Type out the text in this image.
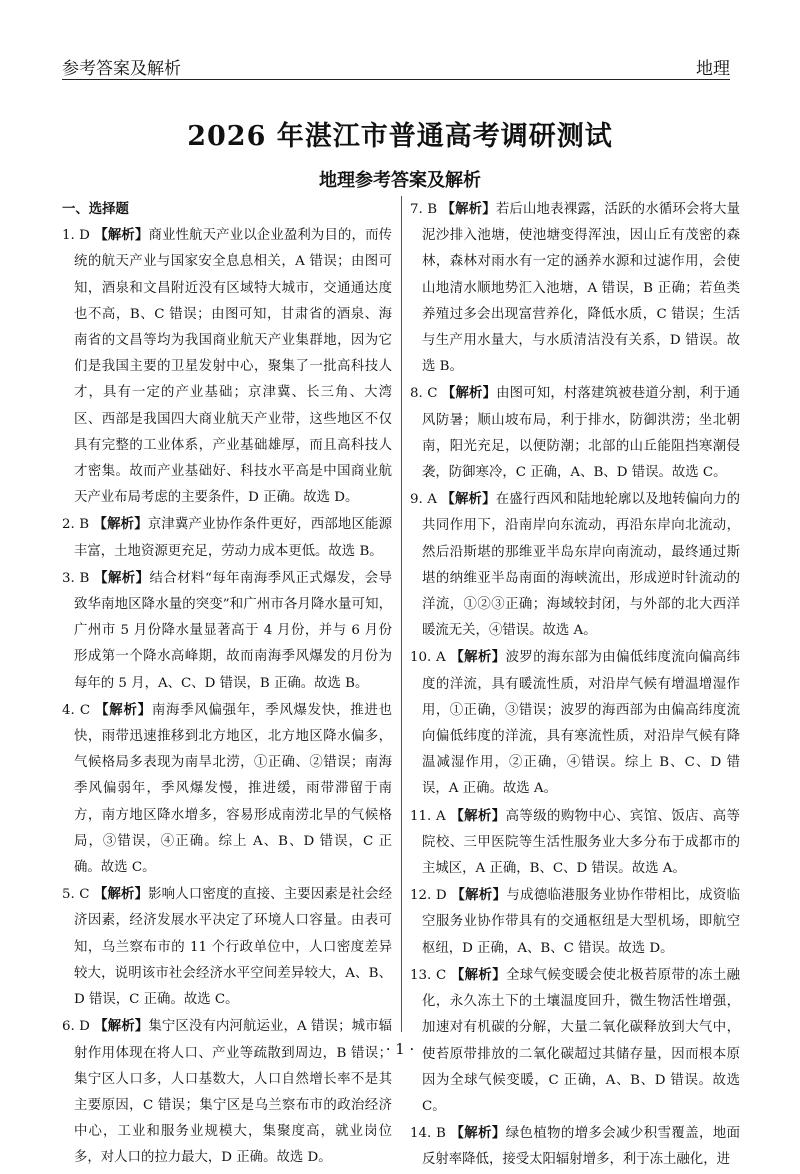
参考答案及解析	地理
2026 年湛江市普通高考调研测试
地理参考答案及解析
一、选择题
1. D 【解析】商业性航天产业以企业盈利为目的，而传统的航天产业与国家安全息息相关，A 错误；由图可知，酒泉和文昌附近没有区域特大城市，交通通达度也不高，B、C 错误；由图可知，甘肃省的酒泉、海南省的文昌等均为我国商业航天产业集群地，因为它们是我国主要的卫星发射中心，聚集了一批高科技人才，具有一定的产业基础；京津冀、长三角、大湾区、西部是我国四大商业航天产业带，这些地区不仅具有完整的工业体系，产业基础雄厚，而且高科技人才密集。故而产业基础好、科技水平高是中国商业航天产业布局考虑的主要条件，D 正确。故选 D。
2. B 【解析】京津冀产业协作条件更好，西部地区能源丰富，土地资源更充足，劳动力成本更低。故选 B。
3. B 【解析】结合材料“每年南海季风正式爆发，会导致华南地区降水量的突变”和广州市各月降水量可知，广州市 5 月份降水量显著高于 4 月份，并与 6 月份形成第一个降水高峰期，故而南海季风爆发的月份为每年的 5 月，A、C、D 错误，B 正确。故选 B。
4. C 【解析】南海季风偏强年，季风爆发快，推进也快，雨带迅速推移到北方地区，北方地区降水偏多，气候格局多表现为南旱北涝，①正确、②错误；南海季风偏弱年，季风爆发慢，推进缓，雨带滞留于南方，南方地区降水增多，容易形成南涝北旱的气候格局，③错误，④正确。综上 A、B、D 错误，C 正确。故选 C。
5. C 【解析】影响人口密度的直接、主要因素是社会经济因素，经济发展水平决定了环境人口容量。由表可知，乌兰察布市的 11 个行政单位中，人口密度差异较大，说明该市社会经济水平空间差异较大，A、B、D 错误，C 正确。故选 C。
6. D 【解析】集宁区没有内河航运业，A 错误；城市辐射作用体现在将人口、产业等疏散到周边，B 错误；集宁区人口多，人口基数大，人口自然增长率不是其主要原因，C 错误；集宁区是乌兰察布市的政治经济中心，工业和服务业规模大，集聚度高，就业岗位多，对人口的拉力最大，D 正确。故选 D。
7. B 【解析】若后山地表裸露，活跃的水循环会将大量泥沙排入池塘，使池塘变得浑浊，因山丘有茂密的森林，森林对雨水有一定的涵养水源和过滤作用，会使山地清水顺地势汇入池塘，A 错误，B 正确；若鱼类养殖过多会出现富营养化，降低水质，C 错误；生活与生产用水量大，与水质清洁没有关系，D 错误。故选 B。
8. C 【解析】由图可知，村落建筑被巷道分割，利于通风防暑；顺山坡布局，利于排水，防御洪涝；坐北朝南，阳光充足，以便防潮；北部的山丘能阻挡寒潮侵袭，防御寒冷，C 正确，A、B、D 错误。故选 C。
9. A 【解析】在盛行西风和陆地轮廓以及地转偏向力的共同作用下，沿南岸向东流动，再沿东岸向北流动，然后沿斯堪的那维亚半岛东岸向南流动，最终通过斯堪的纳维亚半岛南面的海峡流出，形成逆时针流动的洋流，①②③正确；海域较封闭，与外部的北大西洋暖流无关，④错误。故选 A。
10. A 【解析】波罗的海东部为由偏低纬度流向偏高纬度的洋流，具有暖流性质，对沿岸气候有增温增湿作用，①正确，③错误；波罗的海西部为由偏高纬度流向偏低纬度的洋流，具有寒流性质，对沿岸气候有降温减湿作用，②正确，④错误。综上 B、C、D 错误，A 正确。故选 A。
11. A 【解析】高等级的购物中心、宾馆、饭店、高等院校、三甲医院等生活性服务业大多分布于成都市的主城区，A 正确，B、C、D 错误。故选 A。
12. D 【解析】与成德临港服务业协作带相比，成资临空服务业协作带具有的交通枢纽是大型机场，即航空枢纽，D 正确，A、B、C 错误。故选 D。
13. C 【解析】全球气候变暖会使北极苔原带的冻土融化，永久冻土下的土壤温度回升，微生物活性增强，加速对有机碳的分解，大量二氧化碳释放到大气中，使苔原带排放的二氧化碳超过其储存量，因而根本原因为全球气候变暖，C 正确，A、B、D 错误。故选 C。
14. B 【解析】绿色植物的增多会减少积雪覆盖，地面反射率降低，接受太阳辐射增多，利于冻土融化，进
· 1 ·
